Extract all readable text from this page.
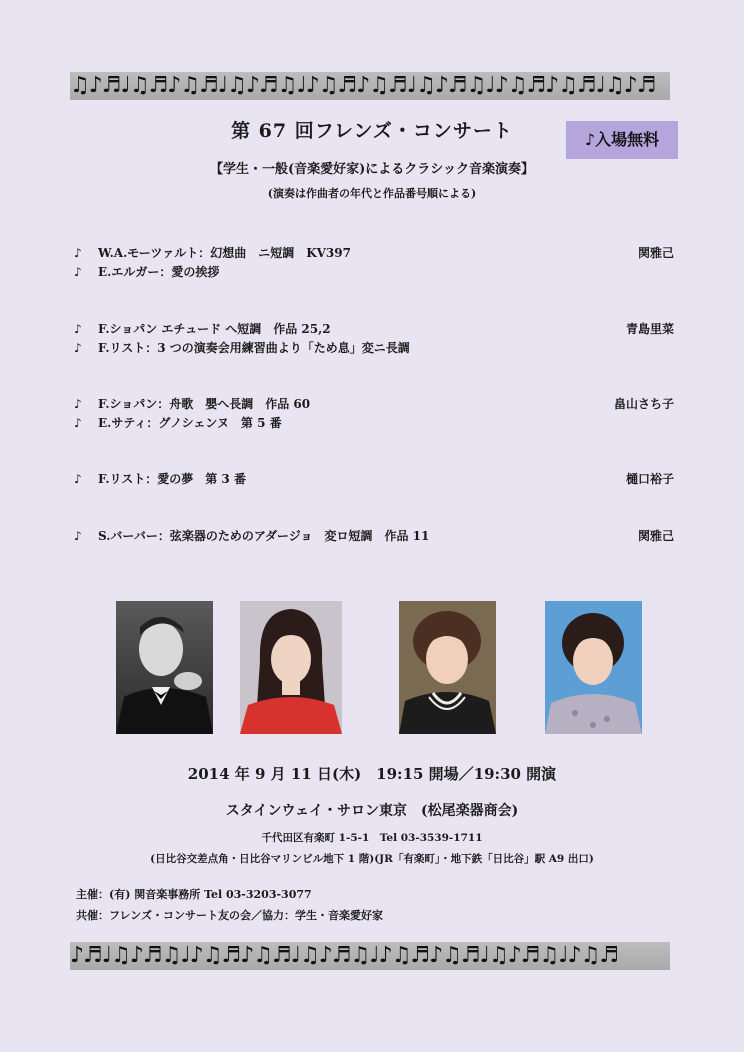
♫♪♬♩♫♬♪♫♬♩♫♪♬♫♩♪♫♬♪♫♬♩♫♪♬♫♩♪♫♬♪♫♬♩♫♪♬
第 67 回フレンズ・コンサート	♪入場無料
【学生・一般(音楽愛好家)によるクラシック音楽演奏】
(演奏は作曲者の年代と作品番号順による)
♪ W.A.モーツァルト：幻想曲　ニ短調　KV397	関雅己
♪ E.エルガー：愛の挨拶
♪ F.ショパン エチュード へ短調　作品 25,2	青島里菜
♪ F.リスト：3 つの演奏会用練習曲より「ため息」変ニ長調
♪ F.ショパン：舟歌　嬰へ長調　作品 60	畠山さち子
♪ E.サティ：グノシェンヌ　第 5 番
♪ F.リスト：愛の夢　第 3 番	樋口裕子
♪ S.バーバー：弦楽器のためのアダージョ　変ロ短調　作品 11	関雅己
2014 年 9 月 11 日(木)　19:15 開場／19:30 開演
スタインウェイ・サロン東京　(松尾楽器商会)
千代田区有楽町 1-5-1　Tel 03-3539-1711
(日比谷交差点角・日比谷マリンビル地下 1 階)(JR「有楽町」・地下鉄「日比谷」駅 A9 出口)
主催：(有) 関音楽事務所 Tel 03-3203-3077
共催：フレンズ・コンサート友の会／協力：学生・音楽愛好家
♪♬♩♫♪♬♫♩♪♫♬♪♫♬♩♫♪♬♫♩♪♫♬♪♫♬♩♫♪♬♫♩♪♫♬
